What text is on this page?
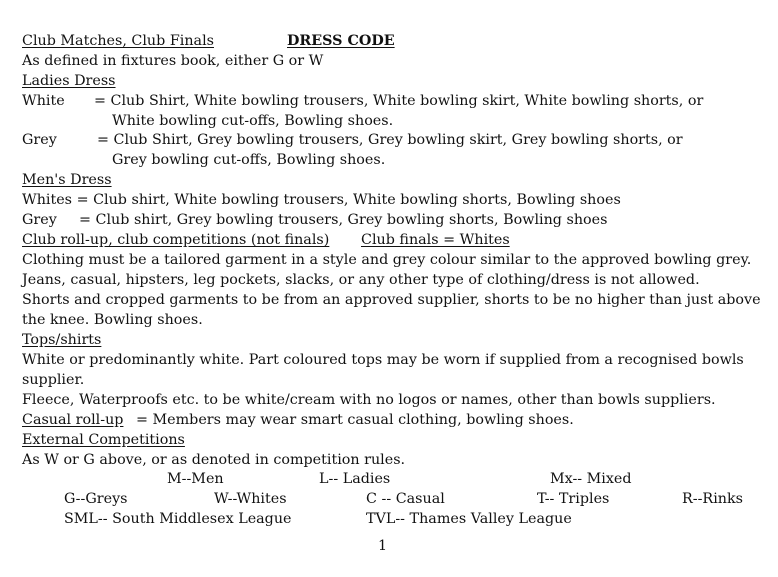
Club Matches, Club Finals	DRESS CODE
As defined in fixtures book, either G or W
Ladies Dress
White = Club Shirt, White bowling trousers, White bowling skirt, White bowling shorts, or
White bowling cut-offs, Bowling shoes.
Grey	= Club Shirt, Grey bowling trousers, Grey bowling skirt, Grey bowling shorts, or
Grey bowling cut-offs, Bowling shoes.
Men's Dress
Whites = Club shirt, White bowling trousers, White bowling shorts, Bowling shoes
Grey = Club shirt, Grey bowling trousers, Grey bowling shorts, Bowling shoes
Club roll-up, club competitions (not finals) Club finals = Whites
Clothing must be a tailored garment in a style and grey colour similar to the approved bowling grey.
Jeans, casual, hipsters, leg pockets, slacks, or any other type of clothing/dress is not allowed.
Shorts and cropped garments to be from an approved supplier, shorts to be no higher than just above
the knee. Bowling shoes.
Tops/shirts
White or predominantly white. Part coloured tops may be worn if supplied from a recognised bowls
supplier.
Fleece, Waterproofs etc. to be white/cream with no logos or names, other than bowls suppliers.
Casual roll-up = Members may wear smart casual clothing, bowling shoes.
External Competitions
As W or G above, or as denoted in competition rules.
M--Men	L-- Ladies	Mx-- Mixed
G--Greys	W--Whites	C -- Casual	T-- Triples	R--Rinks
SML-- South Middlesex League	TVL-- Thames Valley League
1
